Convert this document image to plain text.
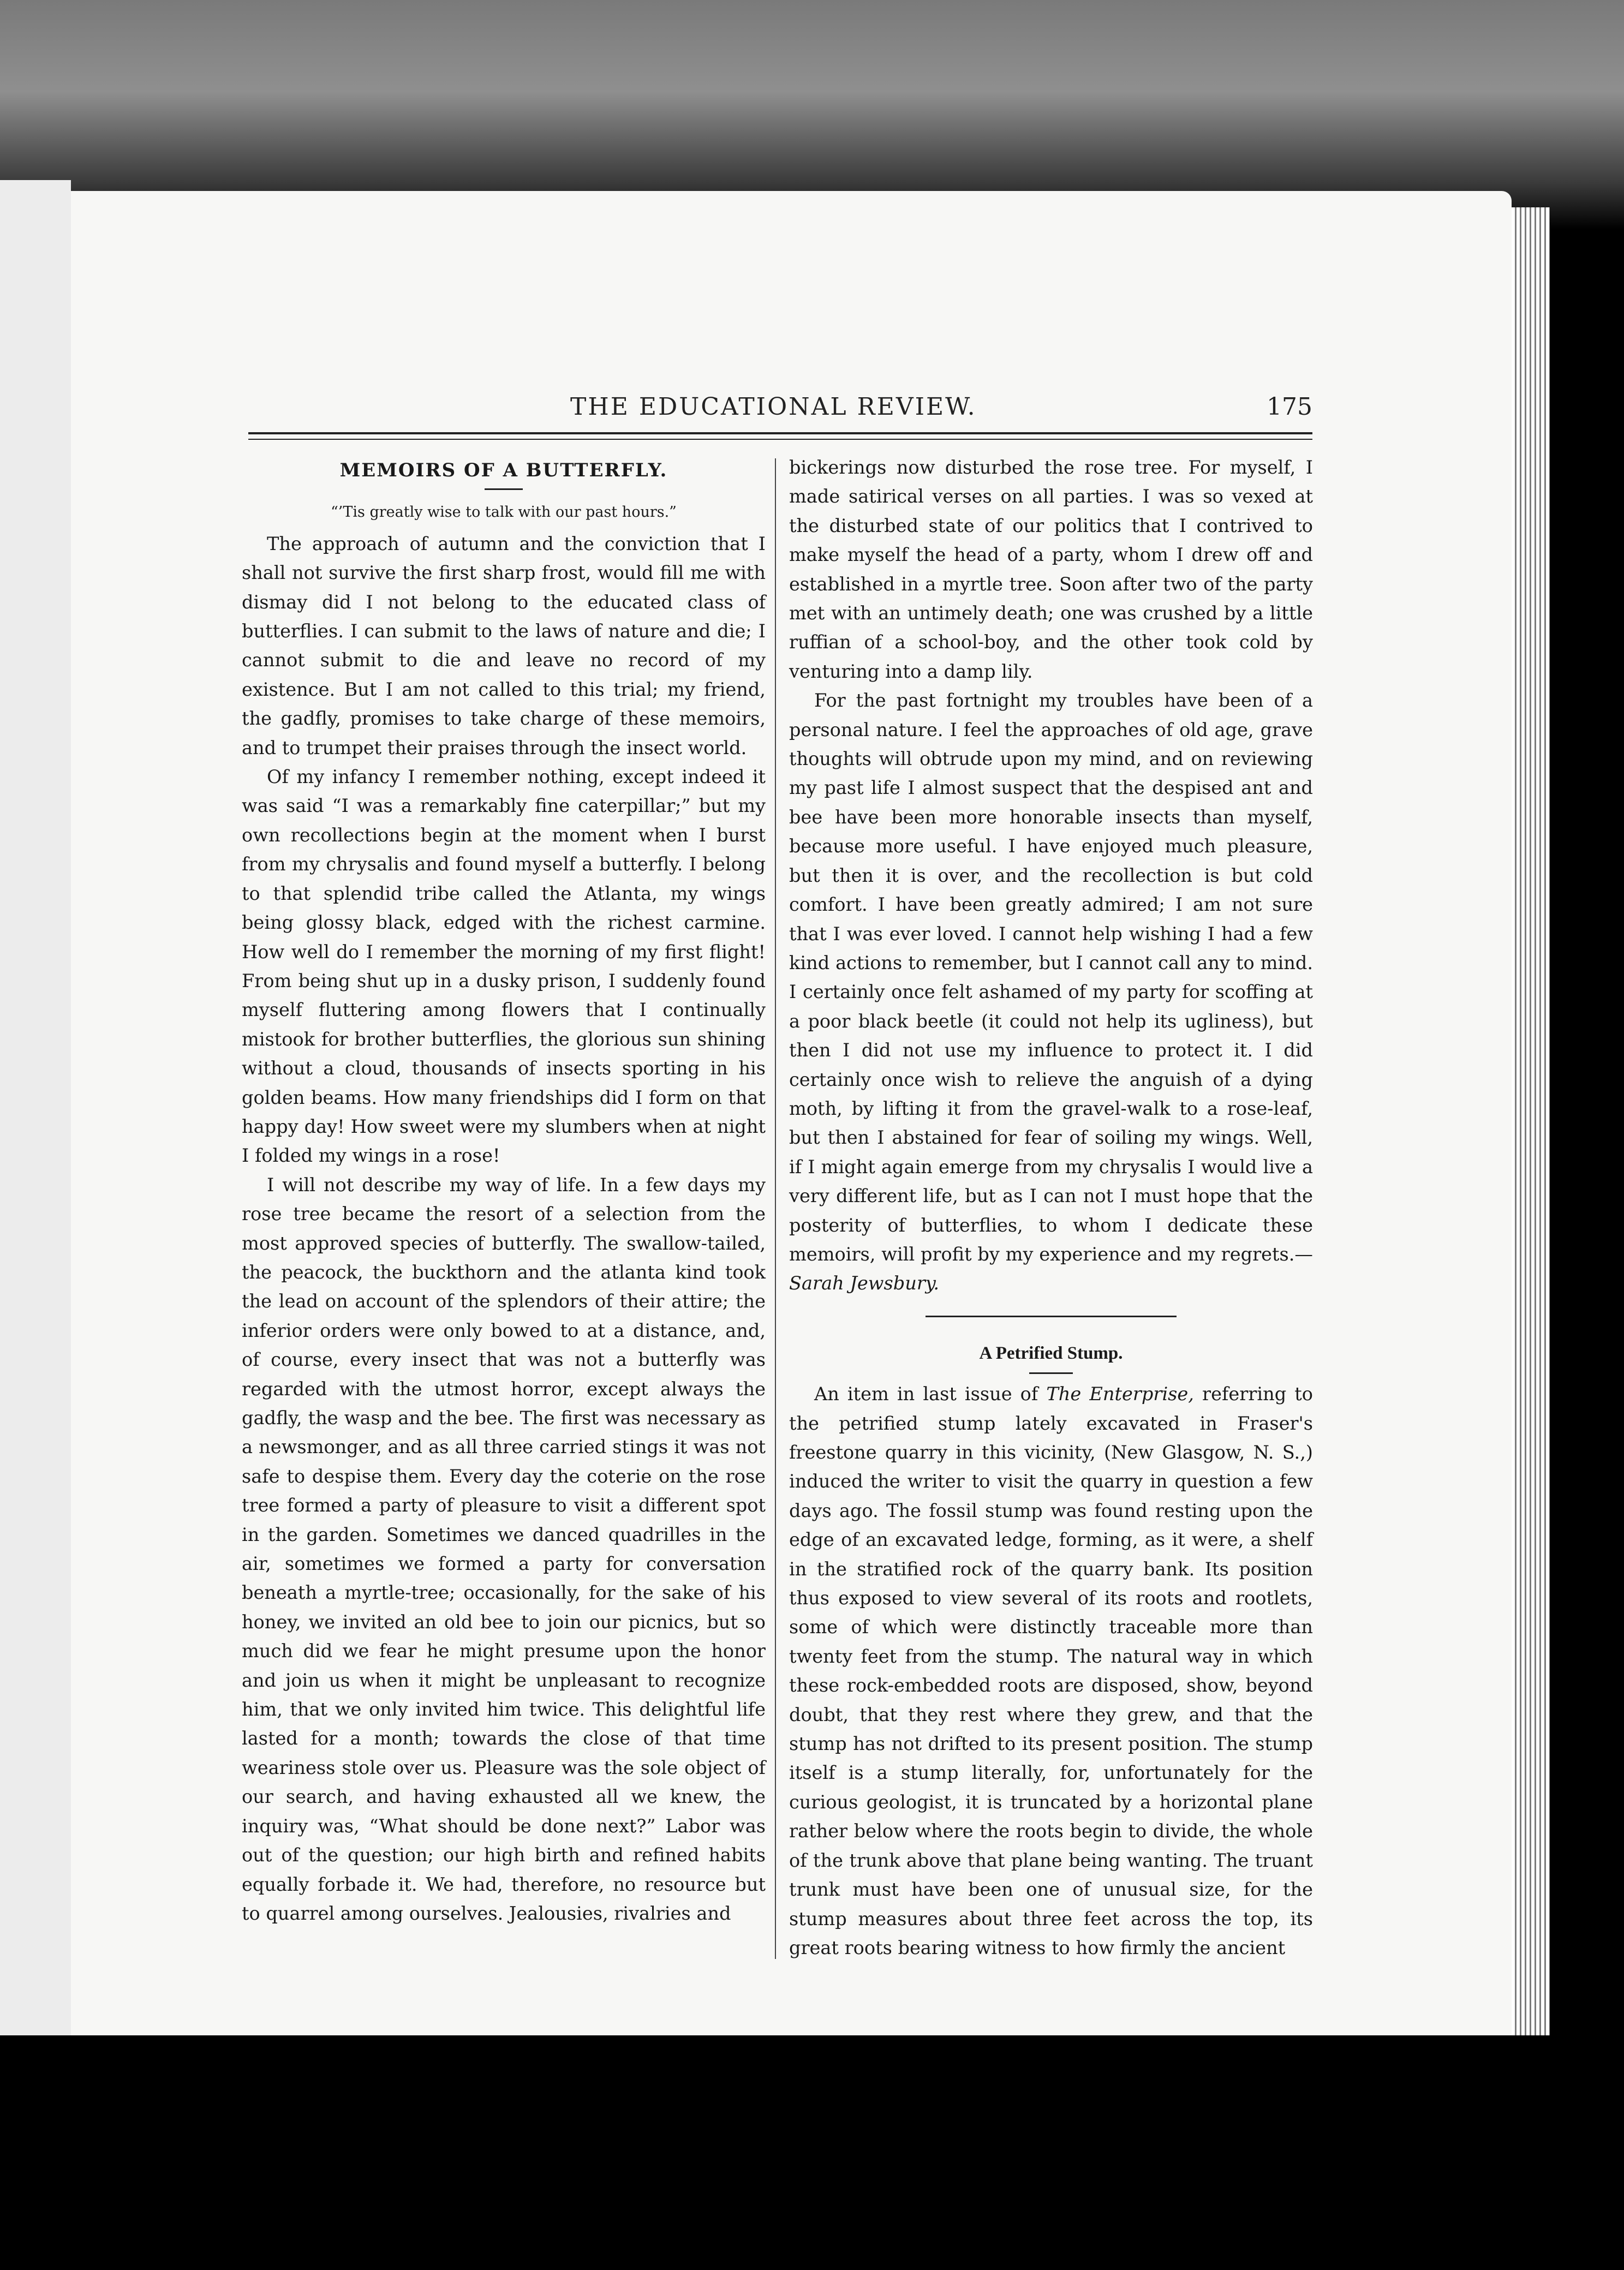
THE EDUCATIONAL REVIEW.	175
MEMOIRS OF A BUTTERFLY.
“’Tis greatly wise to talk with our past hours.”

The approach of autumn and the conviction that I shall not survive the first sharp frost, would fill me with dismay did I not belong to the educated class of butterflies. I can submit to the laws of nature and die; I cannot submit to die and leave no record of my existence. But I am not called to this trial; my friend, the gadfly, promises to take charge of these memoirs, and to trumpet their praises through the insect world.

Of my infancy I remember nothing, except indeed it was said “I was a remarkably fine caterpillar;” but my own recollections begin at the moment when I burst from my chrysalis and found myself a butterfly. I belong to that splendid tribe called the Atlanta, my wings being glossy black, edged with the richest carmine. How well do I remember the morning of my first flight! From being shut up in a dusky prison, I suddenly found myself fluttering among flowers that I continually mistook for brother butterflies, the glorious sun shining without a cloud, thousands of insects sporting in his golden beams. How many friendships did I form on that happy day! How sweet were my slumbers when at night I folded my wings in a rose!

I will not describe my way of life. In a few days my rose tree became the resort of a selection from the most approved species of butterfly. The swallow-tailed, the peacock, the buckthorn and the atlanta kind took the lead on account of the splendors of their attire; the inferior orders were only bowed to at a distance, and, of course, every insect that was not a butterfly was regarded with the utmost horror, except always the gadfly, the wasp and the bee. The first was necessary as a newsmonger, and as all three carried stings it was not safe to despise them. Every day the coterie on the rose tree formed a party of pleasure to visit a different spot in the garden. Sometimes we danced quadrilles in the air, sometimes we formed a party for conversation beneath a myrtle-tree; occasionally, for the sake of his honey, we invited an old bee to join our picnics, but so much did we fear he might presume upon the honor and join us when it might be unpleasant to recognize him, that we only invited him twice. This delightful life lasted for a month; towards the close of that time weariness stole over us. Pleasure was the sole object of our search, and having exhausted all we knew, the inquiry was, “What should be done next?” Labor was out of the question; our high birth and refined habits equally forbade it. We had, therefore, no resource but to quarrel among ourselves. Jealousies, rivalries and

bickerings now disturbed the rose tree. For myself, I made satirical verses on all parties. I was so vexed at the disturbed state of our politics that I contrived to make myself the head of a party, whom I drew off and established in a myrtle tree. Soon after two of the party met with an untimely death; one was crushed by a little ruffian of a school-boy, and the other took cold by venturing into a damp lily.

For the past fortnight my troubles have been of a personal nature. I feel the approaches of old age, grave thoughts will obtrude upon my mind, and on reviewing my past life I almost suspect that the despised ant and bee have been more honorable insects than myself, because more useful. I have enjoyed much pleasure, but then it is over, and the recollection is but cold comfort. I have been greatly admired; I am not sure that I was ever loved. I cannot help wishing I had a few kind actions to remember, but I cannot call any to mind. I certainly once felt ashamed of my party for scoffing at a poor black beetle (it could not help its ugliness), but then I did not use my influence to protect it. I did certainly once wish to relieve the anguish of a dying moth, by lifting it from the gravel-walk to a rose-leaf, but then I abstained for fear of soiling my wings. Well, if I might again emerge from my chrysalis I would live a very different life, but as I can not I must hope that the posterity of butterflies, to whom I dedicate these memoirs, will profit by my experience and my regrets.—Sarah Jewsbury.

A Petrified Stump.

An item in last issue of The Enterprise, referring to the petrified stump lately excavated in Fraser's freestone quarry in this vicinity, (New Glasgow, N. S.,) induced the writer to visit the quarry in question a few days ago. The fossil stump was found resting upon the edge of an excavated ledge, forming, as it were, a shelf in the stratified rock of the quarry bank. Its position thus exposed to view several of its roots and rootlets, some of which were distinctly traceable more than twenty feet from the stump. The natural way in which these rock-embedded roots are disposed, show, beyond doubt, that they rest where they grew, and that the stump has not drifted to its present position. The stump itself is a stump literally, for, unfortunately for the curious geologist, it is truncated by a horizontal plane rather below where the roots begin to divide, the whole of the trunk above that plane being wanting. The truant trunk must have been one of unusual size, for the stump measures about three feet across the top, its great roots bearing witness to how firmly the ancient
